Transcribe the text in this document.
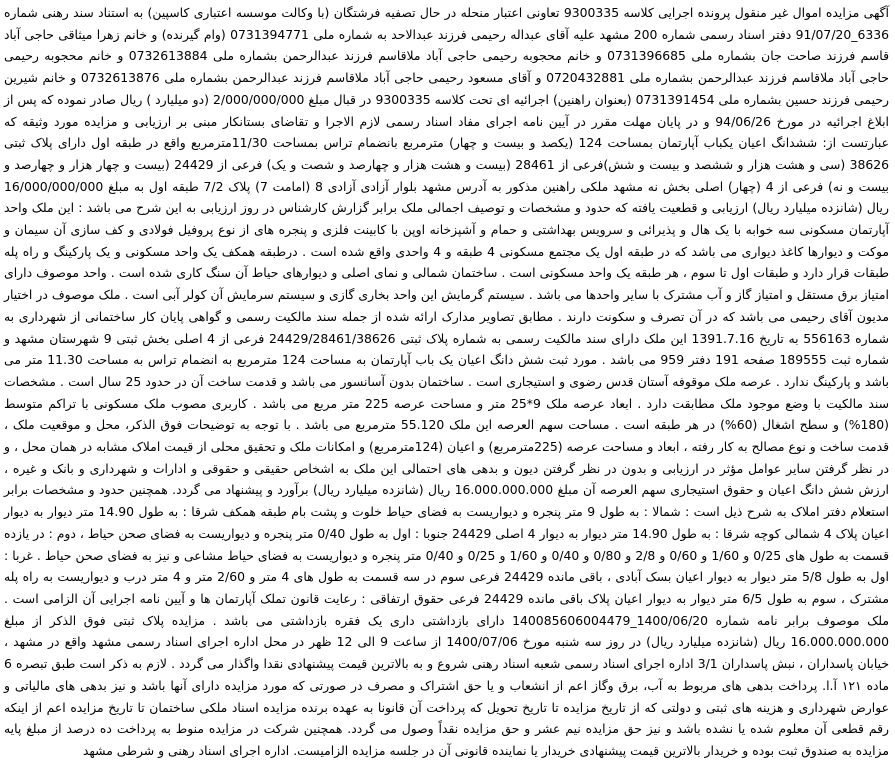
آگهی مزایده اموال غیر منقول پرونده اجرایی کلاسه 9300335 تعاونی اعتبار منحله در حال تصفیه فرشتگان (با وکالت موسسه اعتباری کاسپین) به استناد سند رهنی شماره 6336_91/07/20 دفتر اسناد رسمی شماره 200 مشهد علیه آقای عبداله رحیمی فرزند عبدالاحد به شماره ملی 0731394771 (وام گیرنده) و خانم زهرا میثاقی حاجی آباد قاسم فرزند صاحت جان بشماره ملی 0731396685 و خانم محجوبه رحیمی حاجی آباد ملاقاسم فرزند عبدالرحمن بشماره ملی 0732613884 و خانم محجوبه رحیمی حاجی آباد ملاقاسم فرزند عبدالرحمن بشماره ملی 0720432881 و آقای مسعود رحیمی حاجی آباد ملاقاسم فرزند عبدالرحمن بشماره ملی 0732613876 و خانم شیرین رحیمی فرزند حسین بشماره ملی 0731391454 (بعنوان راهنین) اجرائیه ای تحت کلاسه 9300335 در قبال مبلغ 2/000/000/000 (دو میلیارد ) ریال صادر نموده که پس از ابلاغ اجرائیه در مورخ 94/06/26 و در پایان مهلت مقرر در آیین نامه اجرای مفاد اسناد رسمی لازم الاجرا و تقاضای بستانکار مبنی بر ارزیابی و مزایده مورد وثیقه که عبارتست از: ششدانگ اعیان یکباب آپارتمان بمساحت 124 (یکصد و بیست و چهار) مترمربع بانضمام تراس بمساحت 11/30مترمربع واقع در طبقه اول دارای پلاک ثبتی 38626 (سی و هشت هزار و ششصد و بیست و شش)فرعی از 28461 (بیست و هشت هزار و چهارصد و شصت و یک) فرعی از 24429 (بیست و چهار هزار و چهارصد و بیست و نه) فرعی از 4 (چهار) اصلی بخش نه مشهد ملکی راهنین مذکور به آدرس مشهد بلوار آزادی آزادی 8 (امامت 7) پلاک 7/2 طبقه اول به مبلغ 16/000/000/000 ریال (شانزده میلیارد ریال) ارزیابی و قطعیت یافته که حدود و مشخصات و توصیف اجمالی ملک برابر گزارش کارشناس در روز ارزیابی به این شرح می باشد : این ملک واحد آپارتمان مسکونی سه خوابه با یک هال و پذیرائی و سرویس بهداشتی و حمام و آشپزخانه اوپن با کابینت فلزی و پنجره های از نوع پروفیل فولادی و کف سازی آن سیمان و موکت و دیوارها کاغذ دیواری می باشد که در طبقه اول یک مجتمع مسکونی 4 طبقه و 4 واحدی واقع شده است . درطبقه همکف یک واحد مسکونی و یک پارکینگ و راه پله طبقات قرار دارد و طبقات اول تا سوم ، هر طبقه یک واحد مسکونی است . ساختمان شمالی و نمای اصلی و دیوارهای حیاط آن سنگ کاری شده است . واحد موصوف دارای امتیاز برق مستقل و امتیاز گاز و آب مشترک با سایر واحدها می باشد . سیستم گرمایش این واحد بخاری گازی و سیستم سرمایش آن کولر آبی است . ملک موصوف در اختیار مدیون آقای رحیمی می باشد که در آن تصرف و سکونت دارند . مطابق تصاویر مدارک ارائه شده از جمله سند مالکیت رسمی و گواهی پایان کار ساختمانی از شهرداری به شماره 556163 به تاریخ 1391.7.16 این ملک دارای سند مالکیت رسمی به شماره پلاک ثبتی 24429/28461/38626 فرعی از 4 اصلی بخش ثبتی 9 شهرستان مشهد و شماره ثبت 189555 صفحه 191 دفتر 959 می باشد . مورد ثبت شش دانگ اعیان یک باب آپارتمان به مساحت 124 مترمربع به انضمام تراس به مساحت 11.30 متر می باشد و پارکینگ ندارد . عرصه ملک موقوفه آستان قدس رضوی و استیجاری است . ساختمان بدون آسانسور می باشد و قدمت ساخت آن در حدود 25 سال است . مشخصات سند مالکیت با وضع موجود ملک مطابقت دارد . ابعاد عرصه ملک 9*25 متر و مساحت عرصه 225 متر مربع می باشد . کاربری مصوب ملک مسکونی با تراکم متوسط (180%) و سطح اشغال (60%) در هر طبقه است . مساحت سهم العرصه این ملک 55.120 مترمربع می باشد . با توجه به توضیحات فوق الذکر، محل و موقعیت ملک ، قدمت ساخت و نوع مصالح به کار رفته ، ابعاد و مساحت عرصه (225مترمربع) و اعیان (124مترمربع) و امکانات ملک و تحقیق محلی از قیمت املاک مشابه در همان محل ، و در نظر گرفتن سایر عوامل مؤثر در ارزیابی و بدون در نظر گرفتن دیون و بدهی های احتمالی این ملک به اشخاص حقیقی و حقوقی و ادارات و شهرداری و بانک و غیره ، ارزش شش دانگ اعیان و حقوق استیجاری سهم العرصه آن مبلغ 16.000.000.000 ریال (شانزده میلیارد ریال) برآورد و پیشنهاد می گردد. همچنین حدود و مشخصات برابر استعلام دفتر املاک به شرح ذیل است : شمالا : به طول 9 متر پنجره و دیواریست به فضای حیاط خلوت و پشت بام طبقه همکف شرقا : به طول 14.90 متر دیوار به دیوار اعیان پلاک 4 شمالی کوچه شرقا : به طول 14.90 متر دیوار به دیوار 4 اصلی 24429 جنوبا : اول به طول 0/40 متر پنجره و دیواریست به فضای صحن حیاط ، دوم : در یازده قسمت به طول های 0/25 و 1/60 و 0/60 و 2/8 و 0/80 و 0/40 و 1/60 و 0/25 و 0/40 متر پنجره و دیواریست به فضای حیاط مشاعی و نیز به فضای صحن حیاط . غربا : اول به طول 5/8 متر دیوار به دیوار اعیان بسک آبادی ، باقی مانده 24429 فرعی سوم در سه قسمت به طول های 4 متر و 2/60 متر و 4 متر درب و دیواریست به راه پله مشترک ، سوم به طول 6/5 متر دیوار به دیوار اعیان پلاک باقی مانده 24429 فرعی حقوق ارتفاقی : رعایت قانون تملک آپارتمان ها و آیین نامه اجرایی آن الزامی است . ملک موصوف برابر نامه شماره 1400/06/20_140085606004479 دارای بازداشتی داری یک فقره بازداشتی می باشد . مزایده پلاک ثبتی فوق الذکر از مبلغ 16.000.000.000 ریال (شانزده میلیارد ریال) در روز سه شنبه مورخ 1400/07/06 از ساعت 9 الی 12 ظهر در محل اداره اجرای اسناد رسمی مشهد واقع در مشهد ، خیابان پاسداران ، نبش پاسداران 3/1 اداره اجرای اسناد رسمی شعبه اسناد رهنی شروع و به بالاترین قیمت پیشنهادی نقدا واگذار می گردد . لازم به ذکر است طبق تبصره 6 ماده ۱۲۱ آ.ا. پرداخت بدهی های مربوط به آب، برق وگاز اعم از انشعاب و یا حق اشتراک و مصرف در صورتی که مورد مزایده دارای آنها باشد و نیز بدهی های مالیاتی و عوارض شهرداری و هزینه های ثبتی و دولتی که از تاریخ مزایده تا تاریخ تحویل که پرداخت آن قانونا به عهده برنده مزایده اسناد ملکی ساختمان تا تاریخ مزایده اعم از اینکه رقم قطعی آن معلوم شده یا نشده باشد و نیز حق مزایده نیم عشر و حق مزایده نقداً وصول می گردد. همچنین شرکت در مزایده منوط به پرداخت ده درصد از مبلغ پایه مزایده به صندوق ثبت بوده و خریدار بالاترین قیمت پیشنهادی خریدار یا نماینده قانونی آن در جلسه مزایده الزامیست. اداره اجرای اسناد رهنی و شرطی مشهد
